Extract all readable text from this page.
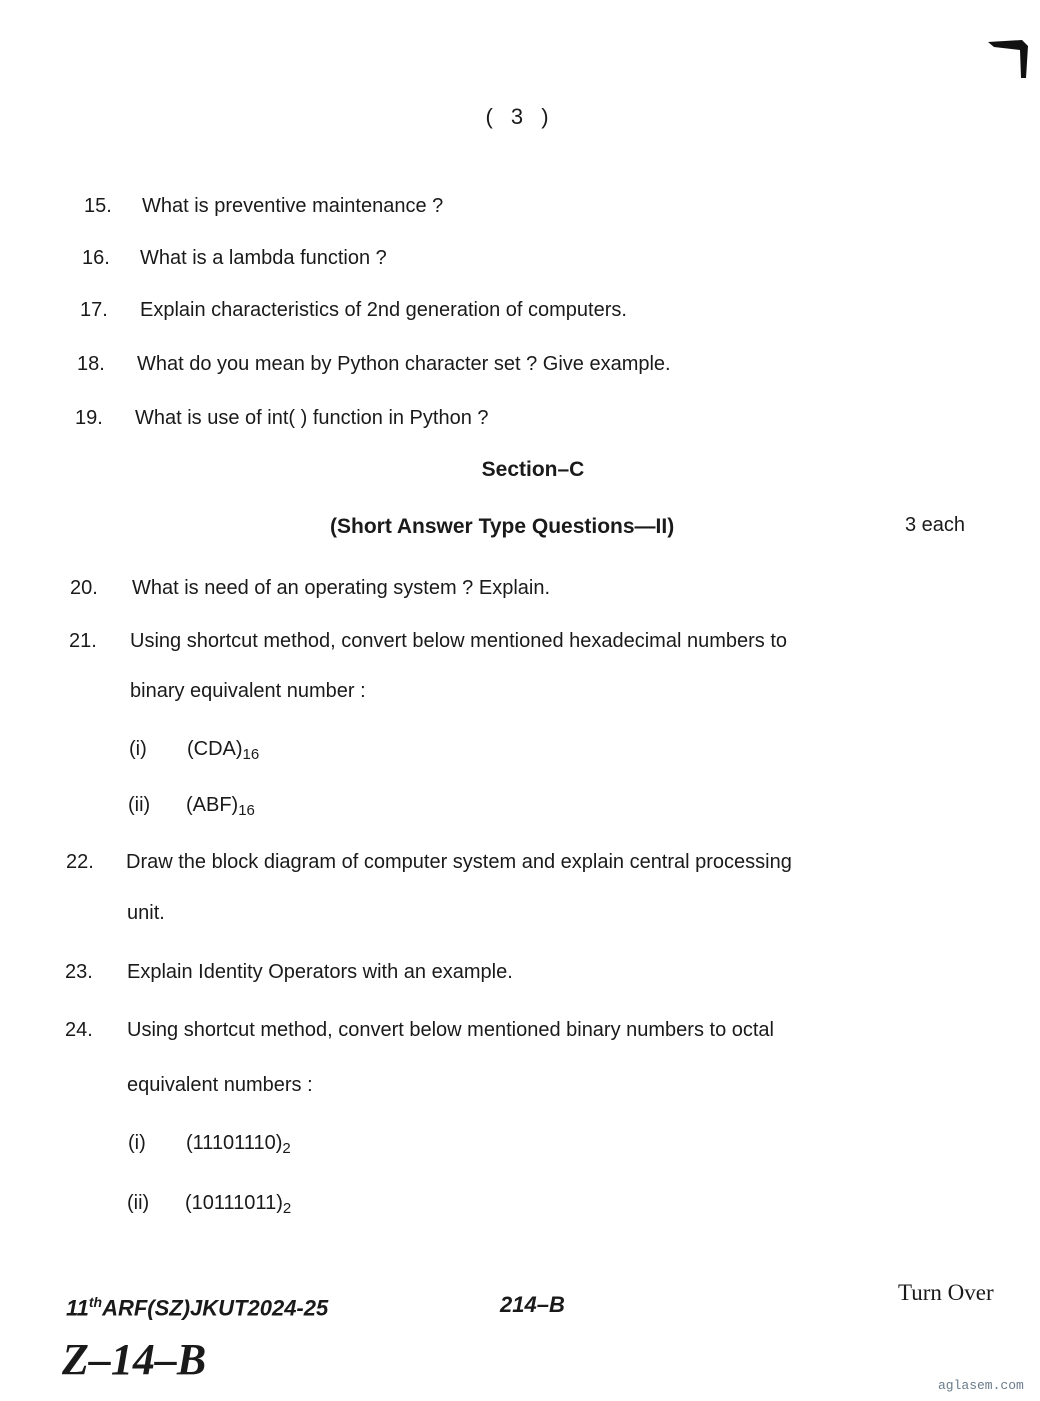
( 3 )
15. What is preventive maintenance ?
16. What is a lambda function ?
17. Explain characteristics of 2nd generation of computers.
18. What do you mean by Python character set ? Give example.
19. What is use of int( ) function in Python ?
Section–C
(Short Answer Type Questions—II)	3 each
20. What is need of an operating system ? Explain.
21. Using shortcut method, convert below mentioned hexadecimal numbers to
binary equivalent number :
(i) $(CDA)_{16}$
(ii) $(ABF)_{16}$
22. Draw the block diagram of computer system and explain central processing
unit.
23. Explain Identity Operators with an example.
24. Using shortcut method, convert below mentioned binary numbers to octal
equivalent numbers :
(i) $(11101110)_2$
(ii) $(10111011)_2$
11thARF(SZ)JKUT2024-25	214–B	Turn Over
Z–14–B
aglasem.com
